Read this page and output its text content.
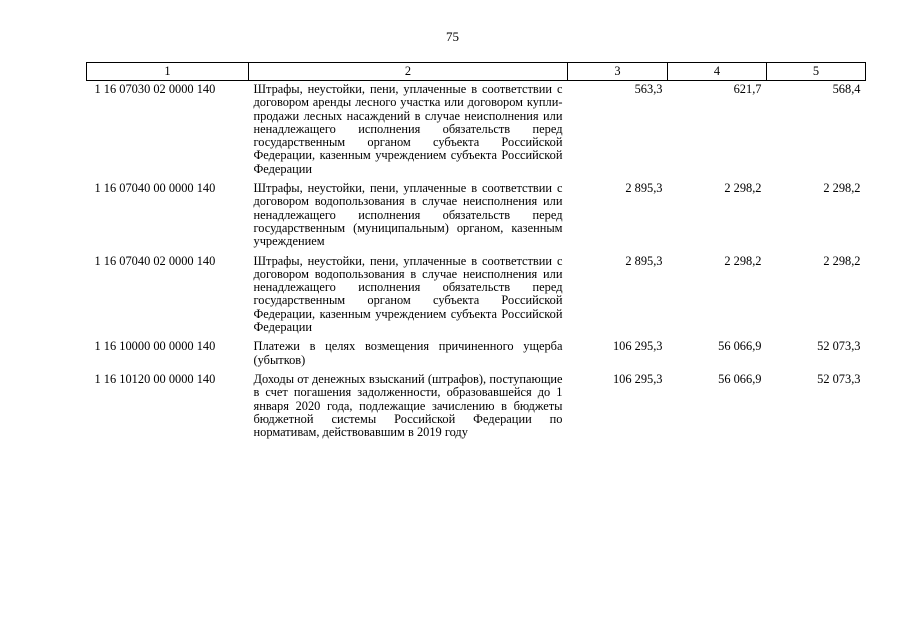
75
1	2	3	4	5
1 16 07030 02 0000 140	Штрафы, неустойки, пени, уплаченные в соответствии с договором аренды лесного участка или договором купли-продажи лесных насаждений в случае неисполнения или ненадлежащего исполнения обязательств перед государственным органом субъекта Российской Федерации, казенным учреждением субъекта Российской Федерации	563,3	621,7	568,4
1 16 07040 00 0000 140	Штрафы, неустойки, пени, уплаченные в соответствии с договором водопользования в случае неисполнения или ненадлежащего исполнения обязательств перед государственным (муниципальным) органом, казенным учреждением	2 895,3	2 298,2	2 298,2
1 16 07040 02 0000 140	Штрафы, неустойки, пени, уплаченные в соответствии с договором водопользования в случае неисполнения или ненадлежащего исполнения обязательств перед государственным органом субъекта Российской Федерации, казенным учреждением субъекта Российской Федерации	2 895,3	2 298,2	2 298,2
1 16 10000 00 0000 140	Платежи в целях возмещения причиненного ущерба (убытков)	106 295,3	56 066,9	52 073,3
1 16 10120 00 0000 140	Доходы от денежных взысканий (штрафов), поступающие в счет погашения задолженности, образовавшейся до 1 января 2020 года, подлежащие зачислению в бюджеты бюджетной системы Российской Федерации по нормативам, действовавшим в 2019 году	106 295,3	56 066,9	52 073,3
